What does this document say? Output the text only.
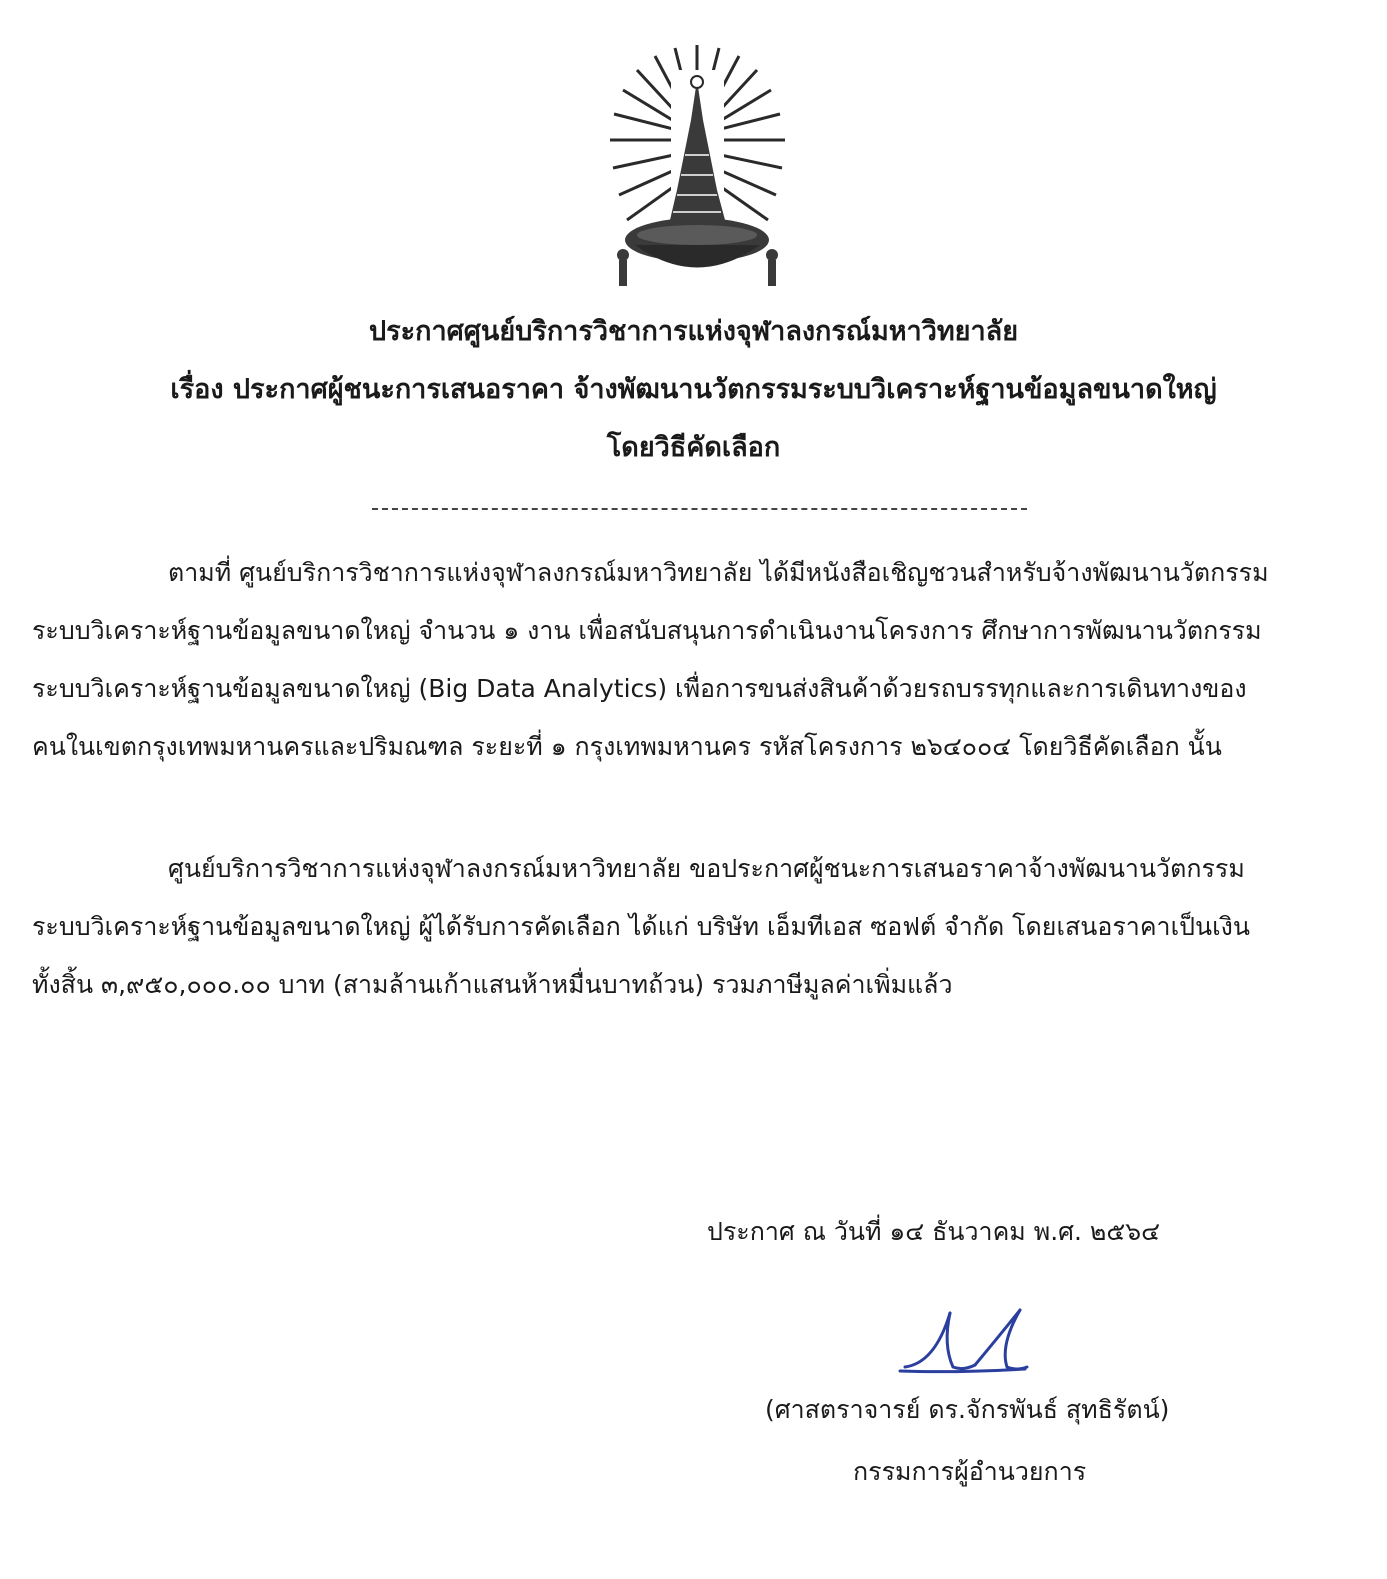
ประกาศศูนย์บริการวิชาการแห่งจุฬาลงกรณ์มหาวิทยาลัย
เรื่อง ประกาศผู้ชนะการเสนอราคา จ้างพัฒนานวัตกรรมระบบวิเคราะห์ฐานข้อมูลขนาดใหญ่
โดยวิธีคัดเลือก
ตามที่ ศูนย์บริการวิชาการแห่งจุฬาลงกรณ์มหาวิทยาลัย ได้มีหนังสือเชิญชวนสำหรับจ้างพัฒนานวัตกรรม
ระบบวิเคราะห์ฐานข้อมูลขนาดใหญ่ จำนวน ๑ งาน เพื่อสนับสนุนการดำเนินงานโครงการ ศึกษาการพัฒนานวัตกรรม
ระบบวิเคราะห์ฐานข้อมูลขนาดใหญ่ (Big Data Analytics) เพื่อการขนส่งสินค้าด้วยรถบรรทุกและการเดินทางของ
คนในเขตกรุงเทพมหานครและปริมณฑล ระยะที่ ๑ กรุงเทพมหานคร รหัสโครงการ ๒๖๔๐๐๔ โดยวิธีคัดเลือก นั้น
ศูนย์บริการวิชาการแห่งจุฬาลงกรณ์มหาวิทยาลัย ขอประกาศผู้ชนะการเสนอราคาจ้างพัฒนานวัตกรรม
ระบบวิเคราะห์ฐานข้อมูลขนาดใหญ่ ผู้ได้รับการคัดเลือก ได้แก่ บริษัท เอ็มทีเอส ซอฟต์ จำกัด โดยเสนอราคาเป็นเงิน
ทั้งสิ้น ๓,๙๕๐,๐๐๐.๐๐ บาท (สามล้านเก้าแสนห้าหมื่นบาทถ้วน) รวมภาษีมูลค่าเพิ่มแล้ว
ประกาศ ณ วันที่ ๑๔ ธันวาคม พ.ศ. ๒๕๖๔
(ศาสตราจารย์ ดร.จักรพันธ์ สุทธิรัตน์)
กรรมการผู้อำนวยการ
